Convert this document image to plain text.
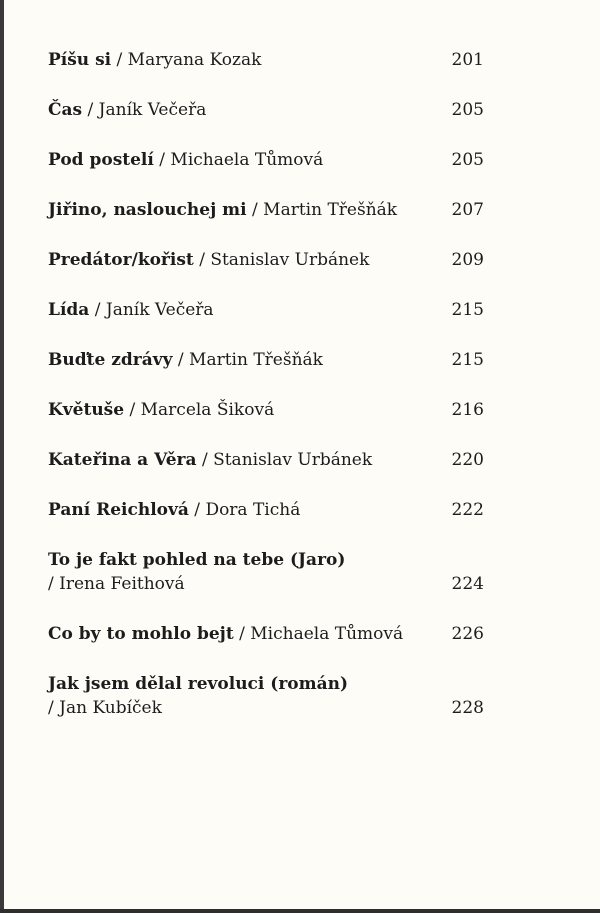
Píšu si / Maryana Kozak	201
Čas / Janík Večeřa	205
Pod postelí / Michaela Tůmová	205
Jiřino, naslouchej mi / Martin Třešňák	207
Predátor/kořist / Stanislav Urbánek	209
Lída / Janík Večeřa	215
Buďte zdrávy / Martin Třešňák	215
Květuše / Marcela Šiková	216
Kateřina a Věra / Stanislav Urbánek	220
Paní Reichlová / Dora Tichá	222
To je fakt pohled na tebe (Jaro)
/ Irena Feithová	224
Co by to mohlo bejt / Michaela Tůmová	226
Jak jsem dělal revoluci (román)
/ Jan Kubíček	228
